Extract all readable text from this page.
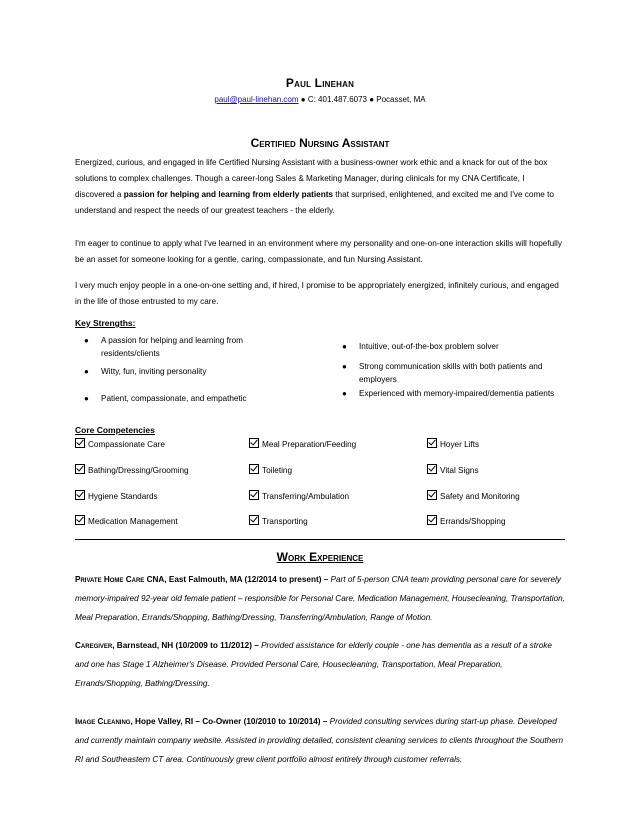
Paul Linehan
paul@paul-linehan.com ● C: 401.487.6073 ● Pocasset, MA
Certified Nursing Assistant
Energized, curious, and engaged in life Certified Nursing Assistant with a business-owner work ethic and a knack for out of the box solutions to complex challenges. Though a career-long Sales & Marketing Manager, during clinicals for my CNA Certificate, I discovered a passion for helping and learning from elderly patients that surprised, enlightened, and excited me and I've come to understand and respect the needs of our greatest teachers - the elderly.
I'm eager to continue to apply what I've learned in an environment where my personality and one-on-one interaction skills will hopefully be an asset for someone looking for a gentle, caring, compassionate, and fun Nursing Assistant.
I very much enjoy people in a one-on-one setting and, if hired, I promise to be appropriately energized, infinitely curious, and engaged in the life of those entrusted to my care.
Key Strengths:
● A passion for helping and learning from residents/clients
● Witty, fun, inviting personality
● Patient, compassionate, and empathetic
● Intuitive, out-of-the-box problem solver
● Strong communication skills with both patients and employers
● Experienced with memory-impaired/dementia patients
Core Competencies
Compassionate Care	Meal Preparation/Feeding	Hoyer Lifts
Bathing/Dressing/Grooming	Toileting	Vital Signs
Hygiene Standards	Transferring/Ambulation	Safety and Monitoring
Medication Management	Transporting	Errands/Shopping
Work Experience
Private Home Care CNA, East Falmouth, MA (12/2014 to present) – Part of 5-person CNA team providing personal care for severely memory-impaired 92-year old female patient – responsible for Personal Care, Medication Management, Housecleaning, Transportation, Meal Preparation, Errands/Shopping, Bathing/Dressing, Transferring/Ambulation, Range of Motion.
Caregiver, Barnstead, NH (10/2009 to 11/2012) – Provided assistance for elderly couple - one has dementia as a result of a stroke and one has Stage 1 Alzheimer's Disease. Provided Personal Care, Housecleaning, Transportation, Meal Preparation, Errands/Shopping, Bathing/Dressing.
Image Cleaning, Hope Valley, RI – Co-Owner (10/2010 to 10/2014) – Provided consulting services during start-up phase. Developed and currently maintain company website. Assisted in providing detailed, consistent cleaning services to clients throughout the Southern RI and Southeastern CT area. Continuously grew client portfolio almost entirely through customer referrals.
